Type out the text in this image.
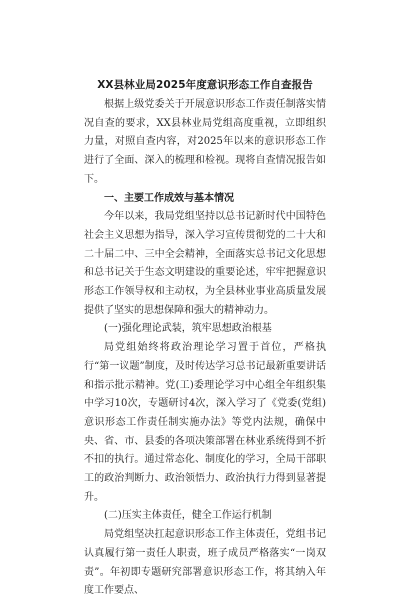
XX县林业局2025年度意识形态工作自查报告

根据上级党委关于开展意识形态工作责任制落实情况自查的要求，XX县林业局党组高度重视，立即组织力量，对照自查内容，对2025年以来的意识形态工作进行了全面、深入的梳理和检视。现将自查情况报告如下。

一、主要工作成效与基本情况

今年以来，我局党组坚持以总书记新时代中国特色社会主义思想为指导，深入学习宣传贯彻党的二十大和二十届二中、三中全会精神，全面落实总书记文化思想和总书记关于生态文明建设的重要论述，牢牢把握意识形态工作领导权和主动权，为全县林业事业高质量发展提供了坚实的思想保障和强大的精神动力。

(一)强化理论武装，筑牢思想政治根基

局党组始终将政治理论学习置于首位，严格执行“第一议题”制度，及时传达学习总书记最新重要讲话和指示批示精神。党(工)委理论学习中心组全年组织集中学习10次，专题研讨4次，深入学习了《党委(党组)意识形态工作责任制实施办法》等党内法规，确保中央、省、市、县委的各项决策部署在林业系统得到不折不扣的执行。通过常态化、制度化的学习，全局干部职工的政治判断力、政治领悟力、政治执行力得到显著提升。

(二)压实主体责任，健全工作运行机制

局党组坚决扛起意识形态工作主体责任，党组书记认真履行第一责任人职责，班子成员严格落实“一岗双责”。年初即专题研究部署意识形态工作，将其纳入年度工作要点、
